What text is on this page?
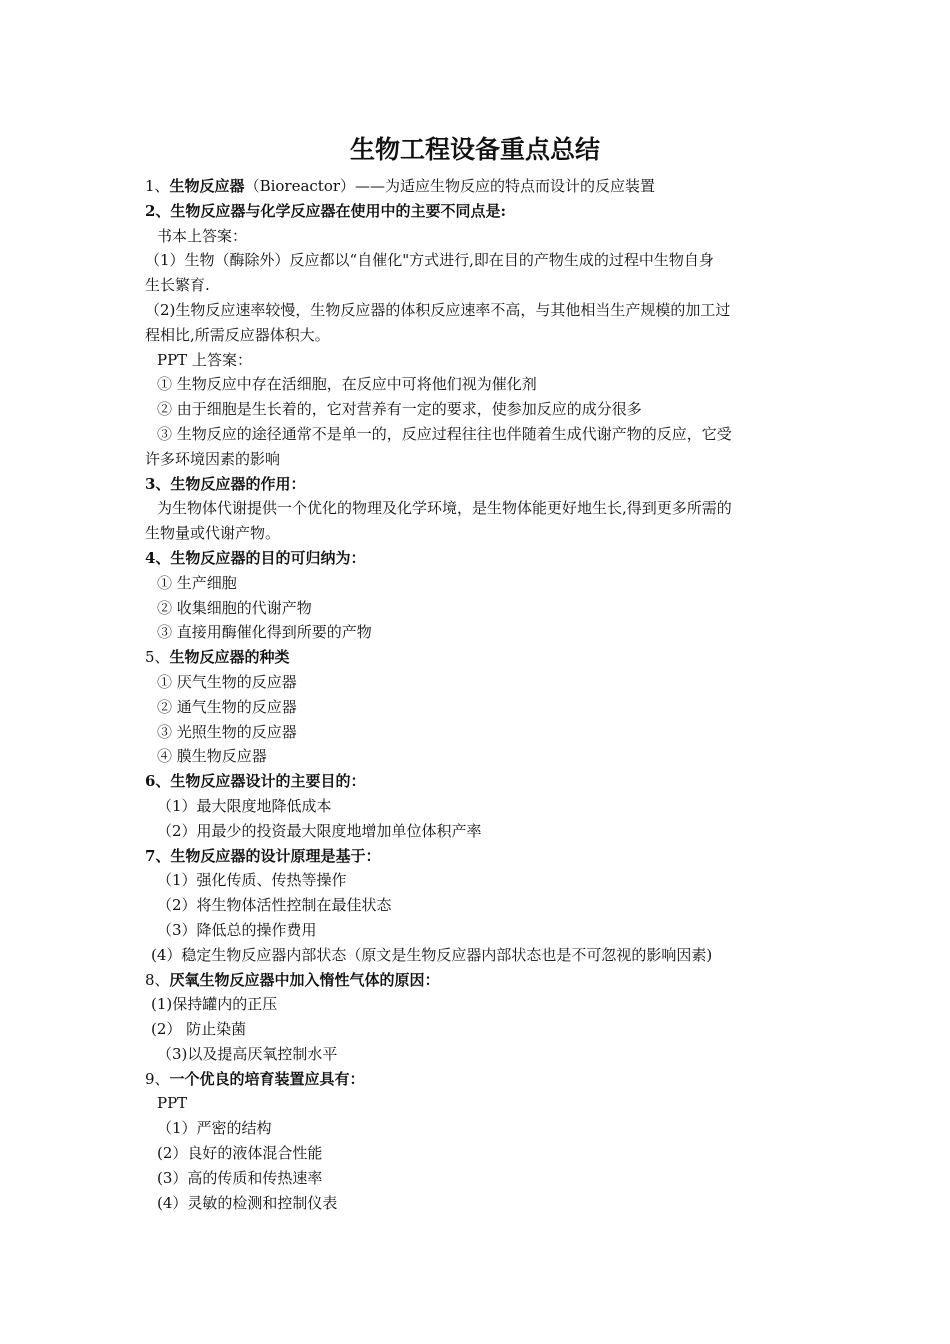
生物工程设备重点总结
1、生物反应器（Bioreactor）——为适应生物反应的特点而设计的反应装置
2、生物反应器与化学反应器在使用中的主要不同点是:
书本上答案：
（1）生物（酶除外）反应都以“自催化"方式进行,即在目的产物生成的过程中生物自身
生长繁育.
（2)生物反应速率较慢，生物反应器的体积反应速率不高，与其他相当生产规模的加工过
程相比,所需反应器体积大。
PPT 上答案：
① 生物反应中存在活细胞，在反应中可将他们视为催化剂
② 由于细胞是生长着的，它对营养有一定的要求，使参加反应的成分很多
③ 生物反应的途径通常不是单一的，反应过程往往也伴随着生成代谢产物的反应，它受
许多环境因素的影响
3、生物反应器的作用：
为生物体代谢提供一个优化的物理及化学环境，是生物体能更好地生长,得到更多所需的
生物量或代谢产物。
4、生物反应器的目的可归纳为：
① 生产细胞
② 收集细胞的代谢产物
③ 直接用酶催化得到所要的产物
5、生物反应器的种类
① 厌气生物的反应器
② 通气生物的反应器
③ 光照生物的反应器
④ 膜生物反应器
6、生物反应器设计的主要目的：
（1）最大限度地降低成本
（2）用最少的投资最大限度地增加单位体积产率
7、生物反应器的设计原理是基于：
（1）强化传质、传热等操作
（2）将生物体活性控制在最佳状态
（3）降低总的操作费用
(4）稳定生物反应器内部状态（原文是生物反应器内部状态也是不可忽视的影响因素)
8、厌氧生物反应器中加入惰性气体的原因：
(1)保持罐内的正压
(2） 防止染菌
（3)以及提高厌氧控制水平
9、一个优良的培育装置应具有：
PPT
（1）严密的结构
(2）良好的液体混合性能
(3）高的传质和传热速率
(4）灵敏的检测和控制仪表
